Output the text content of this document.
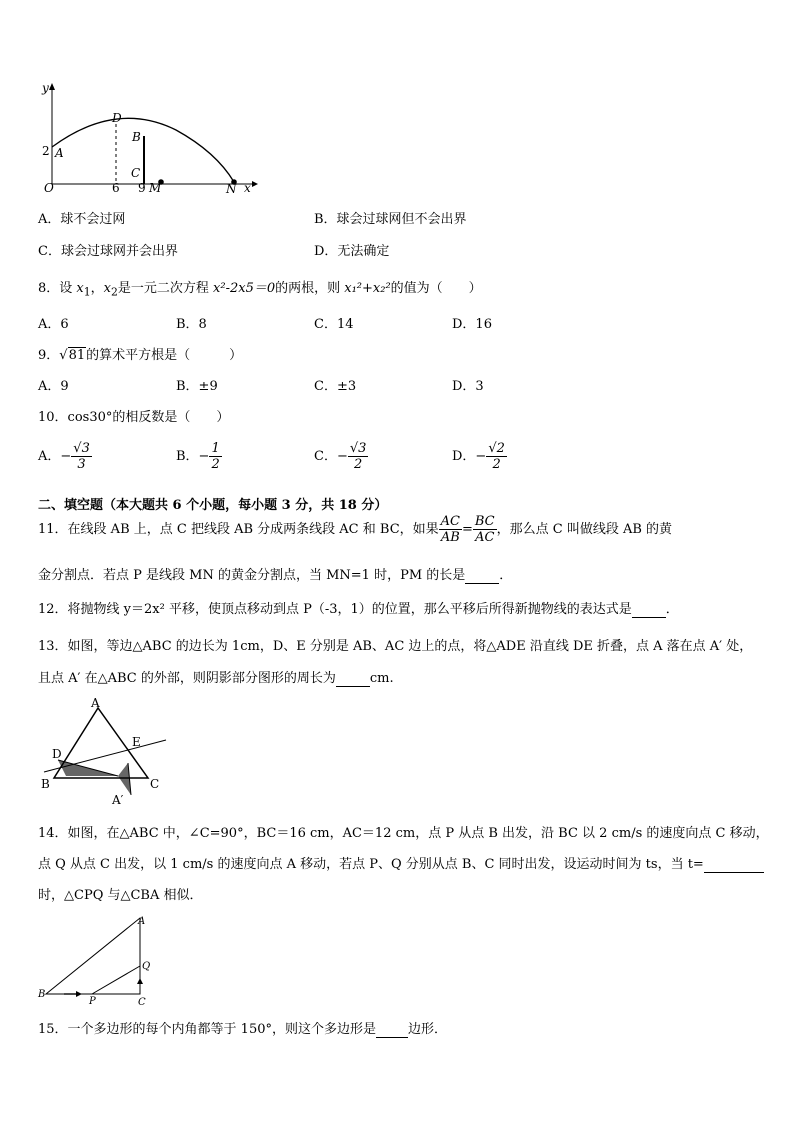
y
x
O
2 A
D
6
B
C
9 M	N
A．球不会过网	B．球会过球网但不会出界
C．球会过球网并会出界	D．无法确定
8．设 $x_1$，$x_2$是一元二次方程 x²-2x5＝0的两根，则 x₁²+x₂²的值为（　　）
A．6	B．8	C．14	D．16
9．√81的算术平方根是（　　　）
A．9	B．±9	C．±3	D．3
10．cos30°的相反数是（　　）
A．− $\frac{√3}{3}$	B．− $\frac{1}{2}$	C．− $\frac{√3}{2}$	D．− $\frac{√2}{2}$
二、填空题（本大题共 6 个小题，每小题 3 分，共 18 分）
11．在线段 AB 上，点 C 把线段 AB 分成两条线段 AC 和 BC，如果 $\frac{AC}{AB} = \frac{BC}{AC}$ ，那么点 C 叫做线段 AB 的黄
金分割点．若点 P 是线段 MN 的黄金分割点，当 MN=1 时，PM 的长是	．
12．将抛物线 y＝2x² 平移，使顶点移动到点 P（-3，1）的位置，那么平移后所得新抛物线的表达式是	．
13．如图，等边△ABC 的边长为 1cm，D、E 分别是 AB、AC 边上的点，将△ADE 沿直线 DE 折叠，点 A 落在点 A′ 处，
且点 A′ 在△ABC 的外部，则阴影部分图形的周长为	cm.
A
D
E
B	C
A′
14．如图，在△ABC 中，∠C=90°，BC＝16 cm，AC＝12 cm，点 P 从点 B 出发，沿 BC 以 2 cm/s 的速度向点 C 移动，
点 Q 从点 C 出发，以 1 cm/s 的速度向点 A 移动，若点 P、Q 分别从点 B、C 同时出发，设运动时间为 ts，当 t=
时，△CPQ 与△CBA 相似．
A
Q
B
P	C
15．一个多边形的每个内角都等于 150°，则这个多边形是 边形．
